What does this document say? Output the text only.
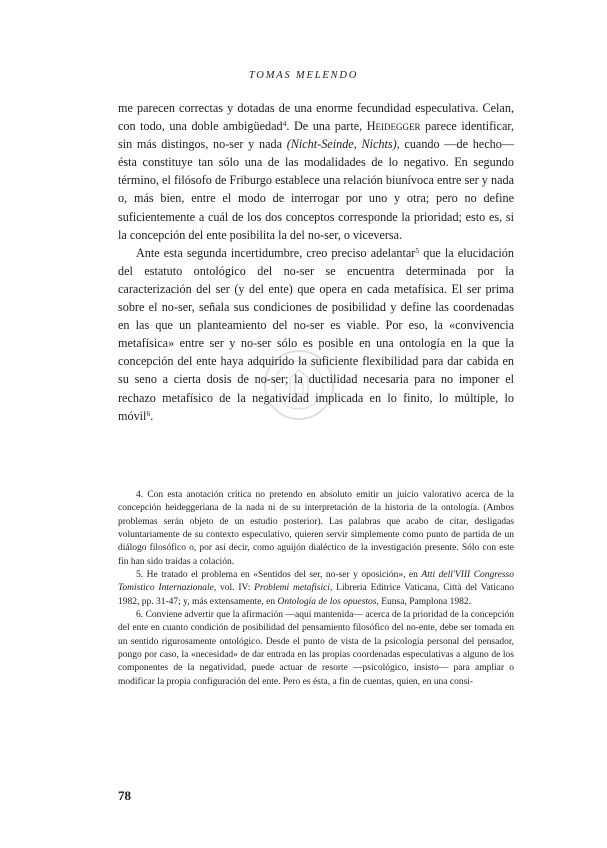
TOMAS MELENDO

me parecen correctas y dotadas de una enorme fecundidad especulativa. Celan, con todo, una doble ambigüedad$^4$. De una parte, Heidegger parece identificar, sin más distingos, no-ser y nada (Nicht-Seinde, Nichts), cuando —de hecho— ésta constituye tan sólo una de las modalidades de lo negativo. En segundo término, el filósofo de Friburgo establece una relación biunívoca entre ser y nada o, más bien, entre el modo de interrogar por uno y otra; pero no define suficientemente a cuál de los dos conceptos corresponde la prioridad; esto es, si la concepción del ente posibilita la del no-ser, o viceversa.

Ante esta segunda incertidumbre, creo preciso adelantar$^5$ que la elucidación del estatuto ontológico del no-ser se encuentra determinada por la caracterización del ser (y del ente) que opera en cada metafísica. El ser prima sobre el no-ser, señala sus condiciones de posibilidad y define las coordenadas en las que un planteamiento del no-ser es viable. Por eso, la «convivencia metafísica» entre ser y no-ser sólo es posible en una ontología en la que la concepción del ente haya adquirido la suficiente flexibilidad para dar cabida en su seno a cierta dosis de no-ser; la ductilidad necesaria para no imponer el rechazo metafísico de la negatividad implicada en lo finito, lo múltiple, lo móvil$^6$.

4. Con esta anotación crítica no pretendo en absoluto emitir un juicio valorativo acerca de la concepción heideggeriana de la nada ni de su interpretación de la historia de la ontología. (Ambos problemas serán objeto de un estudio posterior). Las palabras que acabo de citar, desligadas voluntariamente de su contexto especulativo, quieren servir simplemente como punto de partida de un diálogo filosófico o, por así decir, como aguijón dialéctico de la investigación presente. Sólo con este fin han sido traídas a colación.

5. He tratado el problema en «Sentidos del ser, no-ser y oposición», en Atti dell'VIII Congresso Tomistico Internazionale, vol. IV: Problemi metafisici, Libreria Editrice Vaticana, Città del Vaticano 1982, pp. 31-47; y, más extensamente, en Ontología de los opuestos, Eunsa, Pamplona 1982.

6. Conviene advertir que la afirmación —aquí mantenida— acerca de la prioridad de la concepción del ente en cuanto condición de posibilidad del pensamiento filosófico del no-ente, debe ser tomada en un sentido rigurosamente ontológico. Desde el punto de vista de la psicología personal del pensador, pongo por caso, la «necesidad» de dar entrada en las propias coordenadas especulativas a alguno de los componentes de la negatividad, puede actuar de resorte —psicológico, insisto— para ampliar o modificar la propia configuración del ente. Pero es ésta, a fin de cuentas, quien, en una consi-

78
